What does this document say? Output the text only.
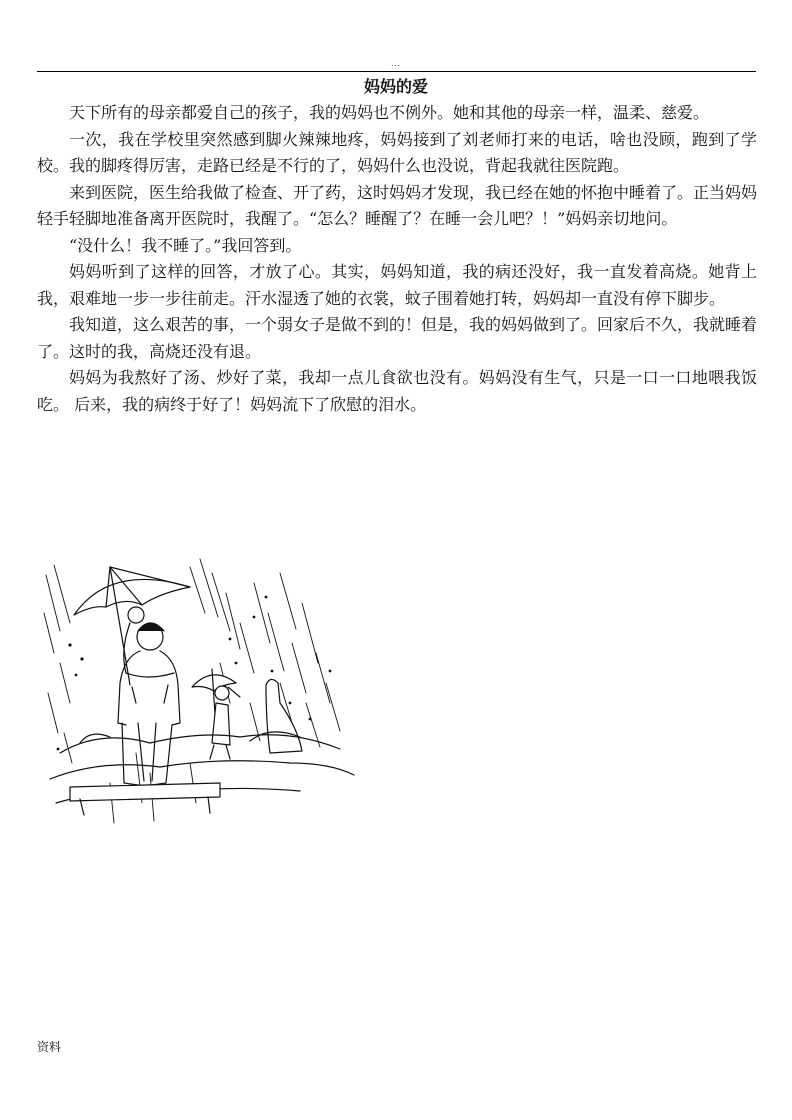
...
妈妈的爱

天下所有的母亲都爱自己的孩子，我的妈妈也不例外。她和其他的母亲一样，温柔、慈爱。

一次，我在学校里突然感到脚火辣辣地疼，妈妈接到了刘老师打来的电话，啥也没顾，跑到了学校。我的脚疼得厉害，走路已经是不行的了，妈妈什么也没说，背起我就往医院跑。

来到医院，医生给我做了检查、开了药，这时妈妈才发现，我已经在她的怀抱中睡着了。正当妈妈轻手轻脚地准备离开医院时，我醒了。“怎么？睡醒了？在睡一会儿吧？！”妈妈亲切地问。

“没什么！我不睡了。”我回答到。

妈妈听到了这样的回答，才放了心。其实，妈妈知道，我的病还没好，我一直发着高烧。她背上我，艰难地一步一步往前走。汗水湿透了她的衣裳，蚊子围着她打转，妈妈却一直没有停下脚步。

我知道，这么艰苦的事，一个弱女子是做不到的！但是，我的妈妈做到了。回家后不久，我就睡着了。这时的我，高烧还没有退。

妈妈为我熬好了汤、炒好了菜，我却一点儿食欲也没有。妈妈没有生气，只是一口一口地喂我饭吃。 后来，我的病终于好了！妈妈流下了欣慰的泪水。

资料
